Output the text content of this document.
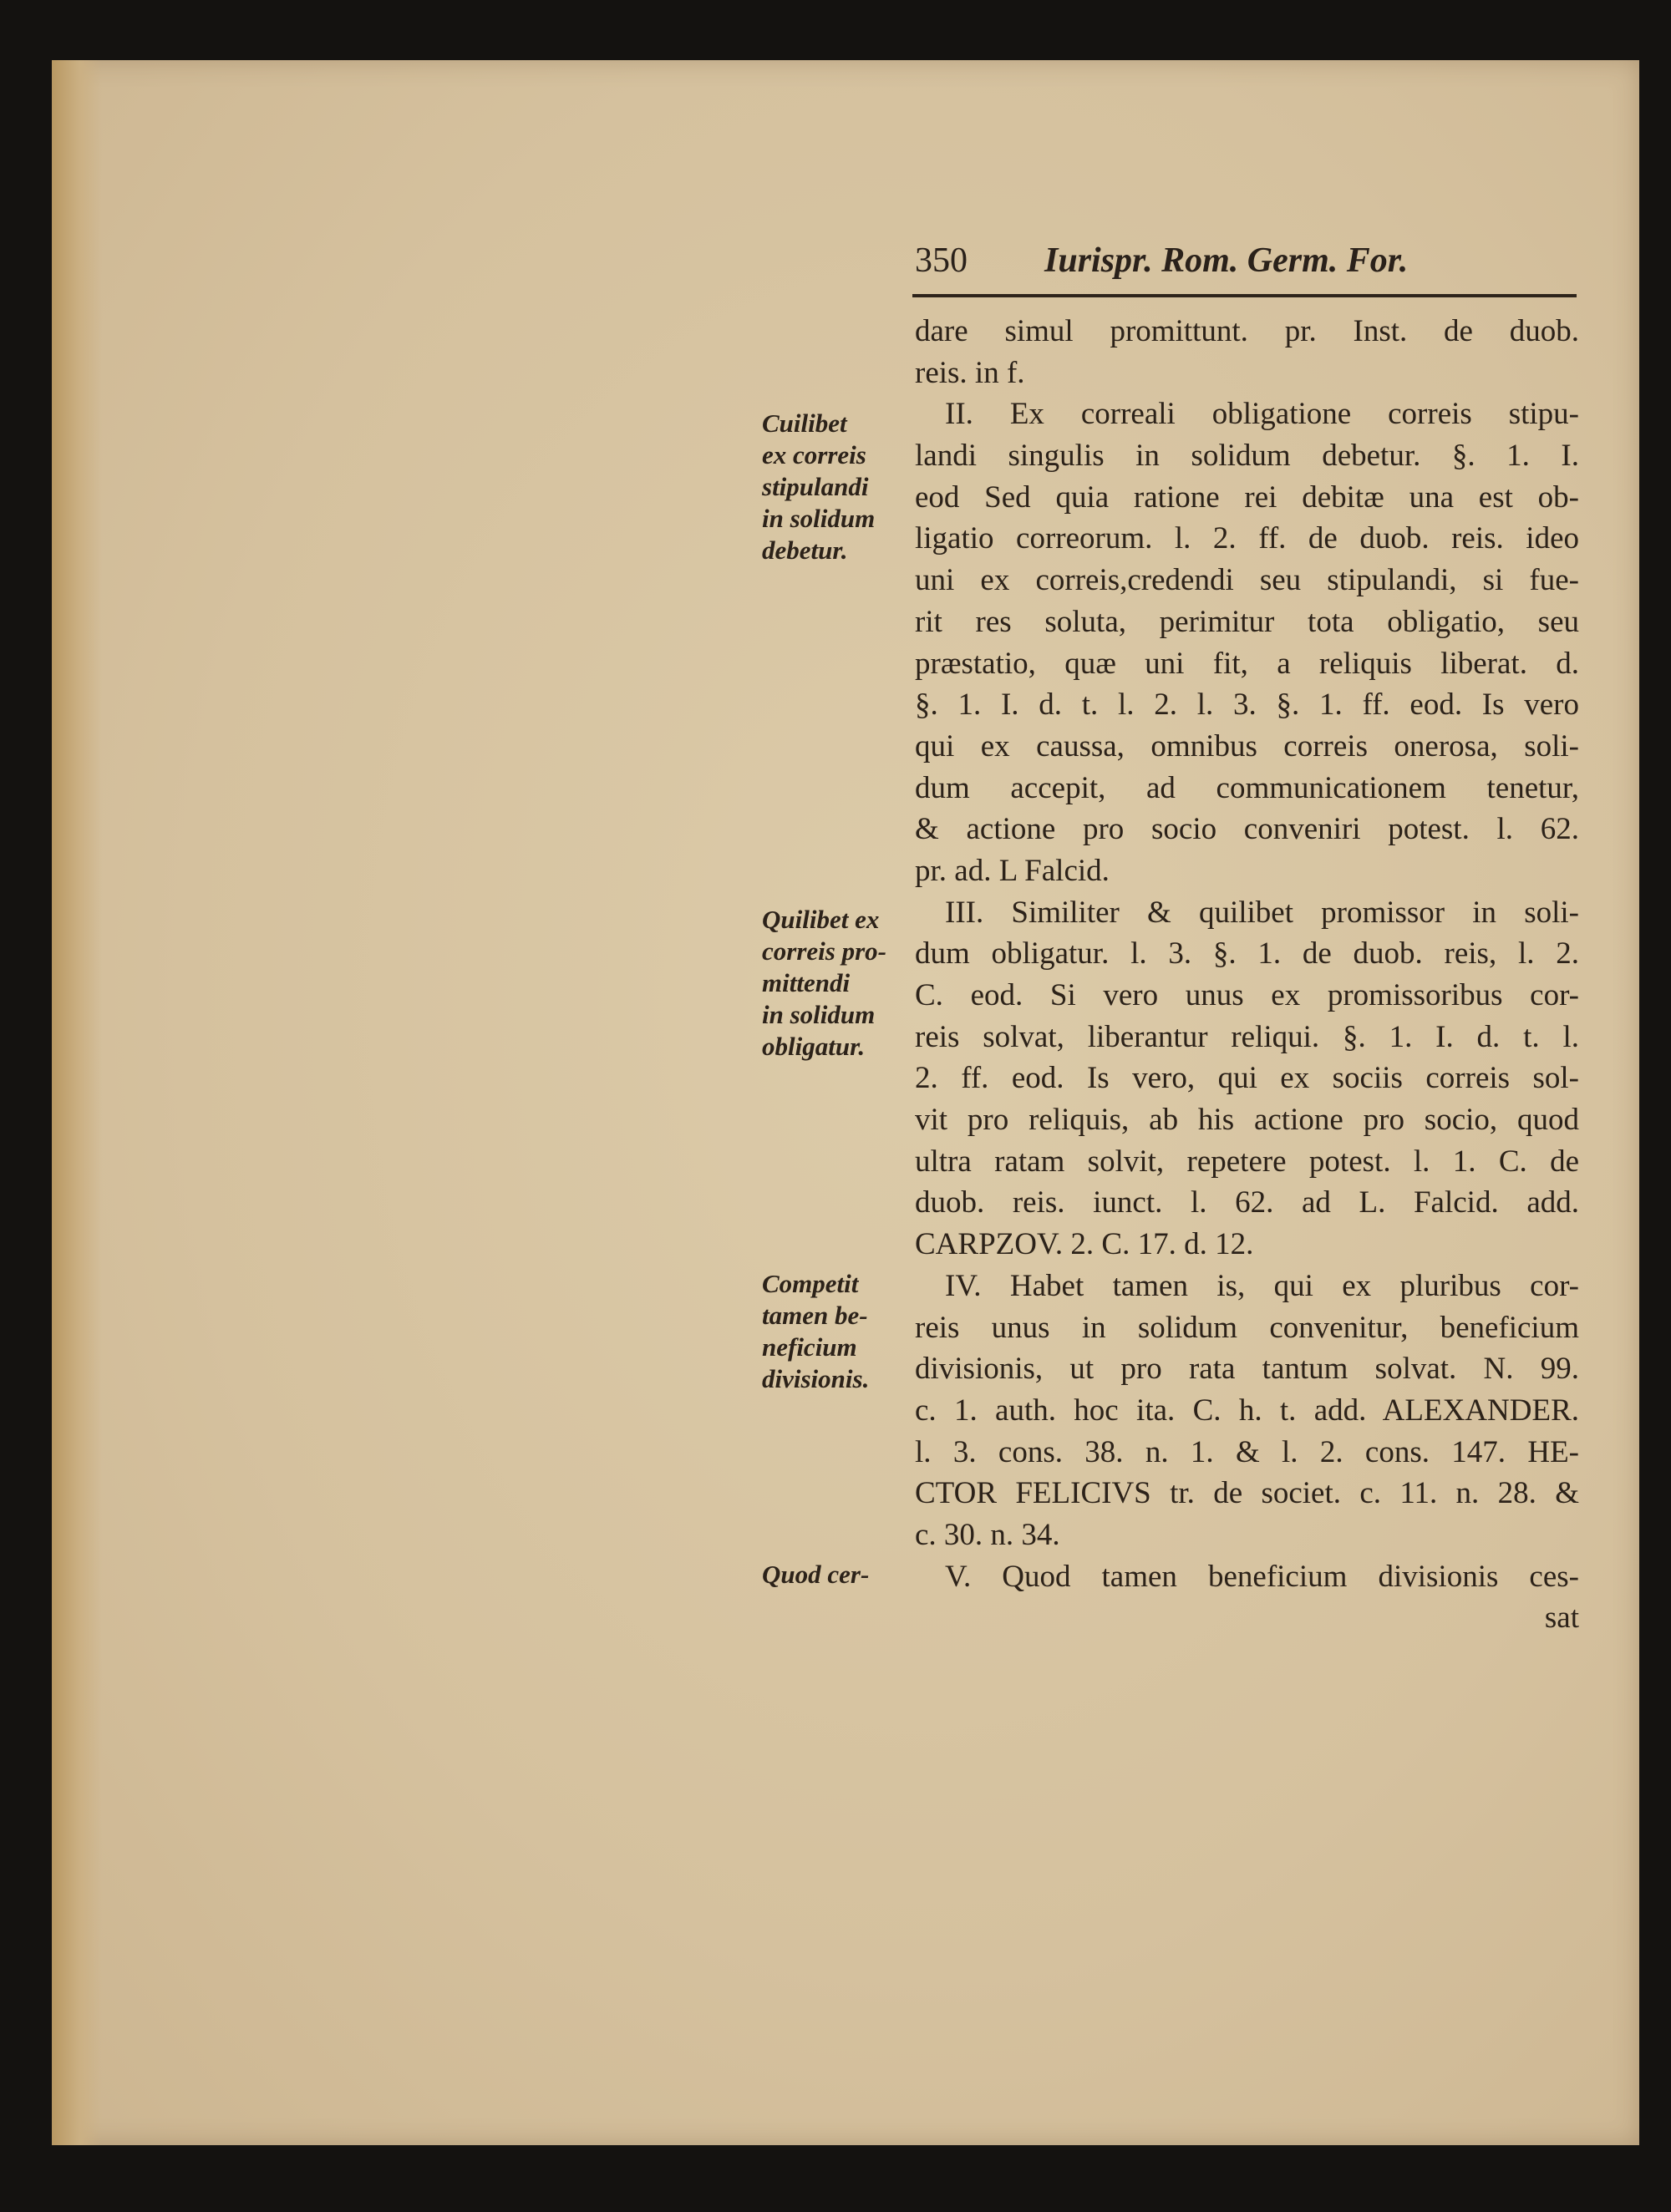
350 Iurispr. Rom. Germ. For.
dare simul promittunt. pr. Inst. de duob.
reis. in f.
II. Ex correali obligatione correis stipu-
landi singulis in solidum debetur. §. 1. I.
eod Sed quia ratione rei debitæ una est ob-
ligatio correorum. l. 2. ff. de duob. reis. ideo
uni ex correis,credendi seu stipulandi, si fue-
rit res soluta, perimitur tota obligatio, seu
præstatio, quæ uni fit, a reliquis liberat. d.
§. 1. I. d. t. l. 2. l. 3. §. 1. ff. eod. Is vero
qui ex caussa, omnibus correis onerosa, soli-
dum accepit, ad communicationem tenetur,
& actione pro socio conveniri potest. l. 62.
pr. ad. L Falcid.
III. Similiter & quilibet promissor in soli-
dum obligatur. l. 3. §. 1. de duob. reis, l. 2.
C. eod. Si vero unus ex promissoribus cor-
reis solvat, liberantur reliqui. §. 1. I. d. t. l.
2. ff. eod. Is vero, qui ex sociis correis sol-
vit pro reliquis, ab his actione pro socio, quod
ultra ratam solvit, repetere potest. l. 1. C. de
duob. reis. iunct. l. 62. ad L. Falcid. add.
CARPZOV. 2. C. 17. d. 12.
IV. Habet tamen is, qui ex pluribus cor-
reis unus in solidum convenitur, beneficium
divisionis, ut pro rata tantum solvat. N. 99.
c. 1. auth. hoc ita. C. h. t. add. ALEXANDER.
l. 3. cons. 38. n. 1. & l. 2. cons. 147. HE-
CTOR FELICIVS tr. de societ. c. 11. n. 28. &
c. 30. n. 34.
V. Quod tamen beneficium divisionis ces-
sat
Cuilibet
ex correis
stipulandi
in solidum
debetur.
Quilibet ex
correis pro-
mittendi
in solidum
obligatur.
Competit
tamen be-
neficium
divisionis.
Quod cer-
